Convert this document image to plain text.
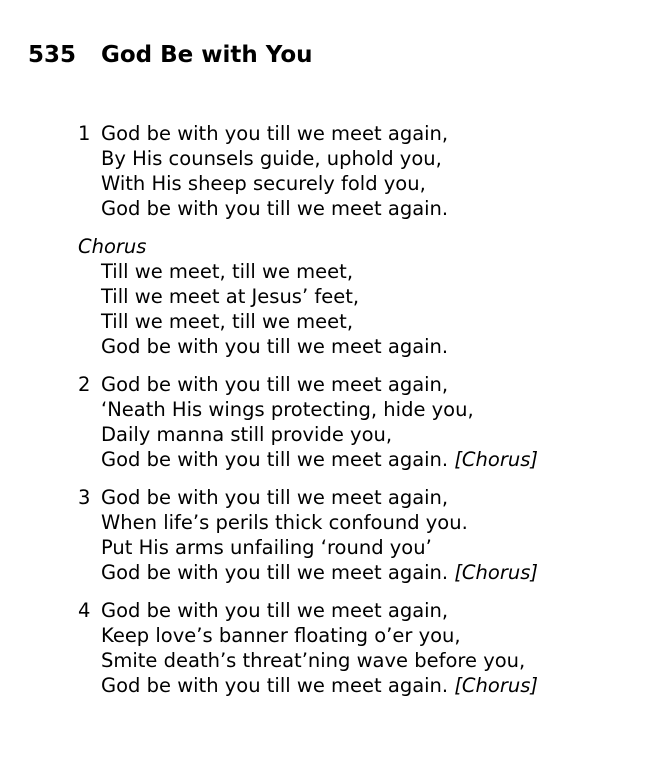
535	God Be with You
1 God be with you till we meet again,
By His counsels guide, uphold you,
With His sheep securely fold you,
God be with you till we meet again.
Chorus
Till we meet, till we meet,
Till we meet at Jesus’ feet,
Till we meet, till we meet,
God be with you till we meet again.
2 God be with you till we meet again,
‘Neath His wings protecting, hide you,
Daily manna still provide you,
God be with you till we meet again. [Chorus]
3 God be with you till we meet again,
When life’s perils thick confound you.
Put His arms unfailing ‘round you’
God be with you till we meet again. [Chorus]
4 God be with you till we meet again,
Keep love’s banner floating o’er you,
Smite death’s threat’ning wave before you,
God be with you till we meet again. [Chorus]
